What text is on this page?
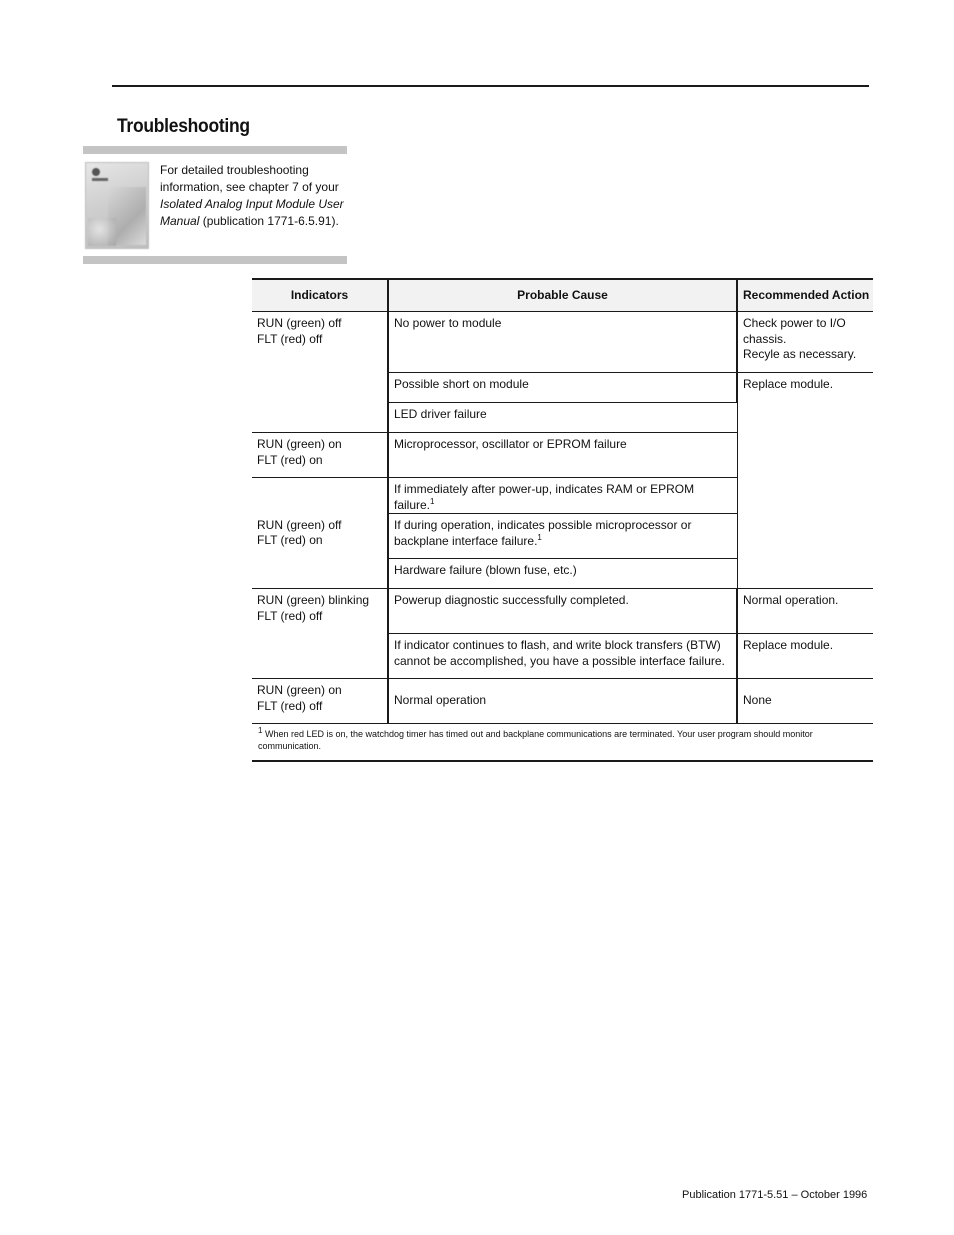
Troubleshooting
For detailed troubleshooting information, see chapter 7 of your Isolated Analog Input Module User Manual (publication 1771-6.5.91).
Indicators	Probable Cause	Recommended Action

RUN (green) off
FLT (red) off	No power to module	Check power to I/O
chassis.
Recyle as necessary.

	Possible short on module	Replace module.
	LED driver failure	

RUN (green) on
FLT (red) on	Microprocessor, oscillator or EPROM failure	

RUN (green) off
FLT (red) on	If immediately after power-up, indicates RAM or EPROM failure.$^1$
	If during operation, indicates possible microprocessor or backplane interface failure.$^1$
	Hardware failure (blown fuse, etc.)	

RUN (green) blinking
FLT (red) off	Powerup diagnostic successfully completed.	Normal operation.
	If indicator continues to flash, and write block transfers (BTW) cannot be accomplished, you have a possible interface failure.	Replace module.

RUN (green) on
FLT (red) off	Normal operation	None
1 When red LED is on, the watchdog timer has timed out and backplane communications are terminated. Your user program should monitor communication.		
Publication 1771-5.51 – October 1996
